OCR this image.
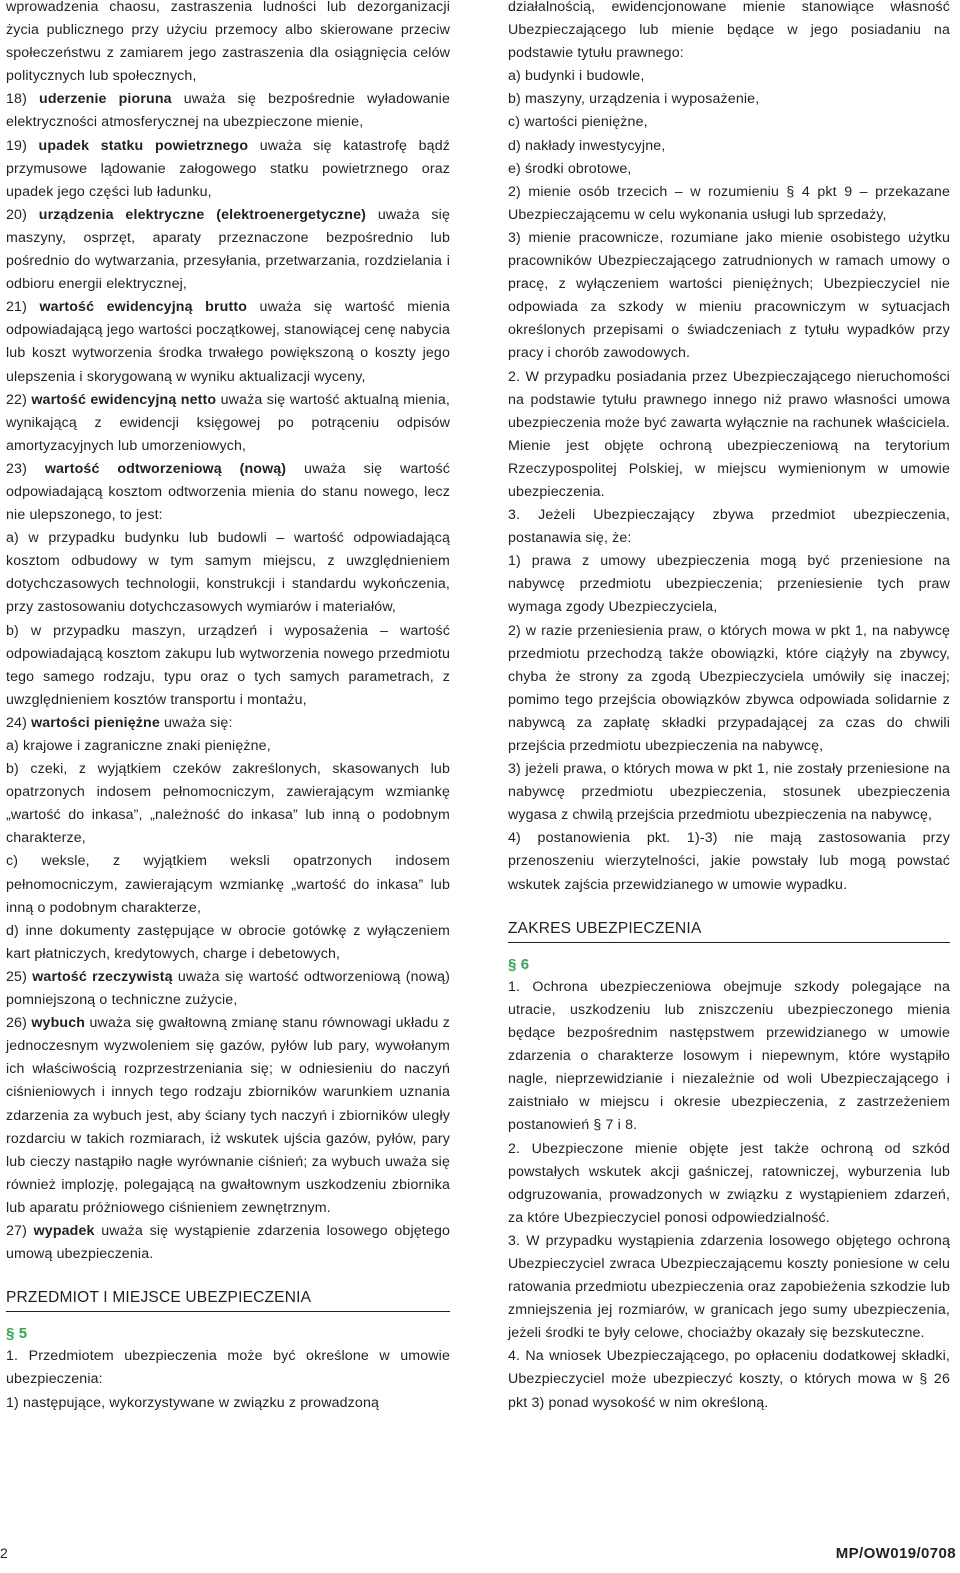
wprowadzenia chaosu, zastraszenia ludności lub dezorganizacji życia publicznego przy użyciu przemocy albo skierowane przeciw społeczeństwu z zamiarem jego zastraszenia dla osiągnięcia celów politycznych lub społecznych,

18) uderzenie pioruna uważa się bezpośrednie wyładowanie elektryczności atmosferycznej na ubezpieczone mienie,

19) upadek statku powietrznego uważa się katastrofę bądź przymusowe lądowanie załogowego statku powietrznego oraz upadek jego części lub ładunku,

20) urządzenia elektryczne (elektroenergetyczne) uważa się maszyny, osprzęt, aparaty przeznaczone bezpośrednio lub pośrednio do wytwarzania, przesyłania, przetwarzania, rozdzielania i odbioru energii elektrycznej,

21) wartość ewidencyjną brutto uważa się wartość mienia odpowiadającą jego wartości początkowej, stanowiącej cenę nabycia lub koszt wytworzenia środka trwałego powiększoną o koszty jego ulepszenia i skorygowaną w wyniku aktualizacji wyceny,

22) wartość ewidencyjną netto uważa się wartość aktualną mienia, wynikającą z ewidencji księgowej po potrąceniu odpisów amortyzacyjnych lub umorzeniowych,

23) wartość odtworzeniową (nową) uważa się wartość odpowiadającą kosztom odtworzenia mienia do stanu nowego, lecz nie ulepszonego, to jest:

a) w przypadku budynku lub budowli – wartość odpowiadającą kosztom odbudowy w tym samym miejscu, z uwzględnieniem dotychczasowych technologii, konstrukcji i standardu wykończenia, przy zastosowaniu dotychczasowych wymiarów i materiałów,

b) w przypadku maszyn, urządzeń i wyposażenia – wartość odpowiadającą kosztom zakupu lub wytworzenia nowego przedmiotu tego samego rodzaju, typu oraz o tych samych parametrach, z uwzględnieniem kosztów transportu i montażu,

24) wartości pieniężne uważa się:

a) krajowe i zagraniczne znaki pieniężne,

b) czeki, z wyjątkiem czeków zakreślonych, skasowanych lub opatrzonych indosem pełnomocniczym, zawierającym wzmiankę „wartość do inkasa”, „należność do inkasa” lub inną o podobnym charakterze,

c) weksle, z wyjątkiem weksli opatrzonych indosem pełnomocniczym, zawierającym wzmiankę „wartość do inkasa” lub inną o podobnym charakterze,

d) inne dokumenty zastępujące w obrocie gotówkę z wyłączeniem kart płatniczych, kredytowych, charge i debetowych,

25) wartość rzeczywistą uważa się wartość odtworzeniową (nową) pomniejszoną o techniczne zużycie,

26) wybuch uważa się gwałtowną zmianę stanu równowagi układu z jednoczesnym wyzwoleniem się gazów, pyłów lub pary, wywołanym ich właściwością rozprzestrzeniania się; w odniesieniu do naczyń ciśnieniowych i innych tego rodzaju zbiorników warunkiem uznania zdarzenia za wybuch jest, aby ściany tych naczyń i zbiorników uległy rozdarciu w takich rozmiarach, iż wskutek ujścia gazów, pyłów, pary lub cieczy nastąpiło nagłe wyrównanie ciśnień; za wybuch uważa się również implozję, polegającą na gwałtownym uszkodzeniu zbiornika lub aparatu próżniowego ciśnieniem zewnętrznym.

27) wypadek uważa się wystąpienie zdarzenia losowego objętego umową ubezpieczenia.

PRZEDMIOT I MIEJSCE UBEZPIECZENIA

§ 5

1. Przedmiotem ubezpieczenia może być określone w umowie ubezpieczenia:

1) następujące, wykorzystywane w związku z prowadzoną

działalnością, ewidencjonowane mienie stanowiące własność Ubezpieczającego lub mienie będące w jego posiadaniu na podstawie tytułu prawnego:

a) budynki i budowle,

b) maszyny, urządzenia i wyposażenie,

c) wartości pieniężne,

d) nakłady inwestycyjne,

e) środki obrotowe,

2) mienie osób trzecich – w rozumieniu § 4 pkt 9 – przekazane Ubezpieczającemu w celu wykonania usługi lub sprzedaży,

3) mienie pracownicze, rozumiane jako mienie osobistego użytku pracowników Ubezpieczającego zatrudnionych w ramach umowy o pracę, z wyłączeniem wartości pieniężnych; Ubezpieczyciel nie odpowiada za szkody w mieniu pracowniczym w sytuacjach określonych przepisami o świadczeniach z tytułu wypadków przy pracy i chorób zawodowych.

2. W przypadku posiadania przez Ubezpieczającego nieruchomości na podstawie tytułu prawnego innego niż prawo własności umowa ubezpieczenia może być zawarta wyłącznie na rachunek właściciela. Mienie jest objęte ochroną ubezpieczeniową na terytorium Rzeczypospolitej Polskiej, w miejscu wymienionym w umowie ubezpieczenia.

3. Jeżeli Ubezpieczający zbywa przedmiot ubezpieczenia, postanawia się, że:

1) prawa z umowy ubezpieczenia mogą być przeniesione na nabywcę przedmiotu ubezpieczenia; przeniesienie tych praw wymaga zgody Ubezpieczyciela,

2) w razie przeniesienia praw, o których mowa w pkt 1, na nabywcę przedmiotu przechodzą także obowiązki, które ciążyły na zbywcy, chyba że strony za zgodą Ubezpieczyciela umówiły się inaczej; pomimo tego przejścia obowiązków zbywca odpowiada solidarnie z nabywcą za zapłatę składki przypadającej za czas do chwili przejścia przedmiotu ubezpieczenia na nabywcę,

3) jeżeli prawa, o których mowa w pkt 1, nie zostały przeniesione na nabywcę przedmiotu ubezpieczenia, stosunek ubezpieczenia wygasa z chwilą przejścia przedmiotu ubezpieczenia na nabywcę,

4) postanowienia pkt. 1)-3) nie mają zastosowania przy przenoszeniu wierzytelności, jakie powstały lub mogą powstać wskutek zajścia przewidzianego w umowie wypadku.

ZAKRES UBEZPIECZENIA

§ 6

1. Ochrona ubezpieczeniowa obejmuje szkody polegające na utracie, uszkodzeniu lub zniszczeniu ubezpieczonego mienia będące bezpośrednim następstwem przewidzianego w umowie zdarzenia o charakterze losowym i niepewnym, które wystąpiło nagle, nieprzewidzianie i niezależnie od woli Ubezpieczającego i zaistniało w miejscu i okresie ubezpieczenia, z zastrzeżeniem postanowień § 7 i 8.

2. Ubezpieczone mienie objęte jest także ochroną od szkód powstałych wskutek akcji gaśniczej, ratowniczej, wyburzenia lub odgruzowania, prowadzonych w związku z wystąpieniem zdarzeń, za które Ubezpieczyciel ponosi odpowiedzialność.

3. W przypadku wystąpienia zdarzenia losowego objętego ochroną Ubezpieczyciel zwraca Ubezpieczającemu koszty poniesione w celu ratowania przedmiotu ubezpieczenia oraz zapobieżenia szkodzie lub zmniejszenia jej rozmiarów, w granicach jego sumy ubezpieczenia, jeżeli środki te były celowe, chociażby okazały się bezskuteczne.

4. Na wniosek Ubezpieczającego, po opłaceniu dodatkowej składki, Ubezpieczyciel może ubezpieczyć koszty, o których mowa w § 26 pkt 3) ponad wysokość w nim określoną.

2	MP/OW019/0708
